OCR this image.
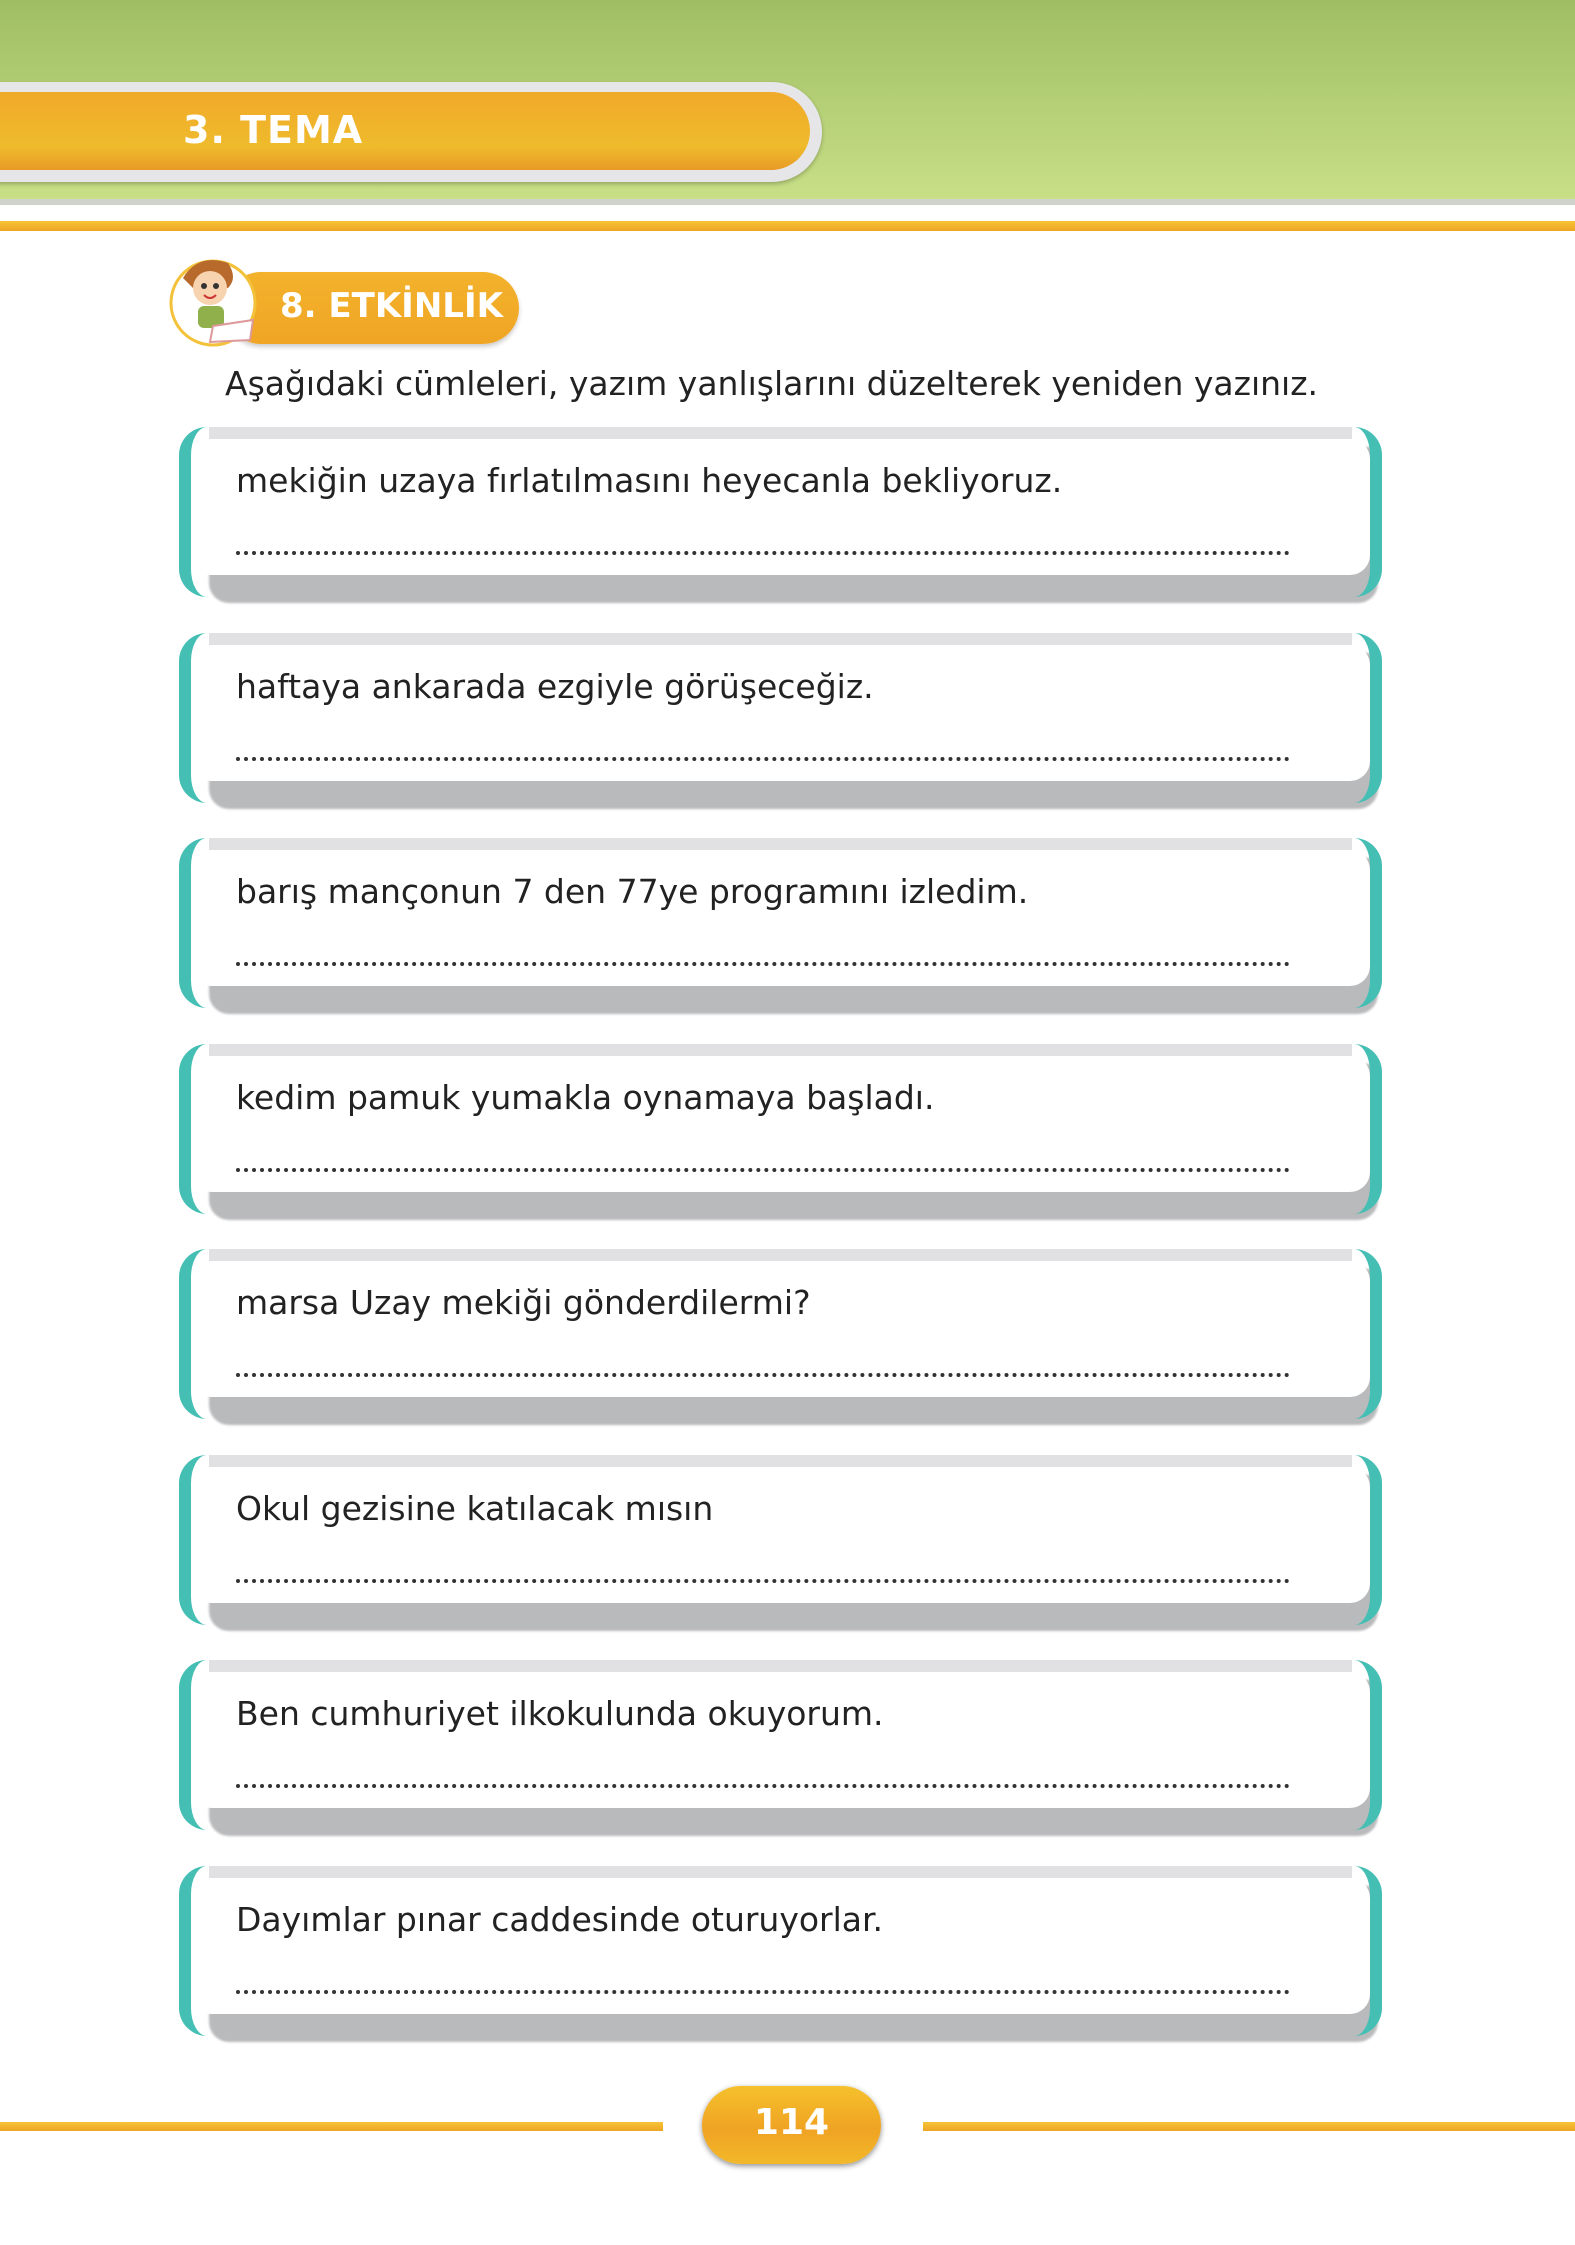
3. TEMA
8. ETKİNLİK
Aşağıdaki cümleleri, yazım yanlışlarını düzelterek yeniden yazınız.
mekiğin uzaya fırlatılmasını heyecanla bekliyoruz.
haftaya ankarada ezgiyle görüşeceğiz.
barış mançonun 7 den 77ye programını izledim.
kedim pamuk yumakla oynamaya başladı.
marsa Uzay mekiği gönderdilermi?
Okul gezisine katılacak mısın
Ben cumhuriyet ilkokulunda okuyorum.
Dayımlar pınar caddesinde oturuyorlar.
114
